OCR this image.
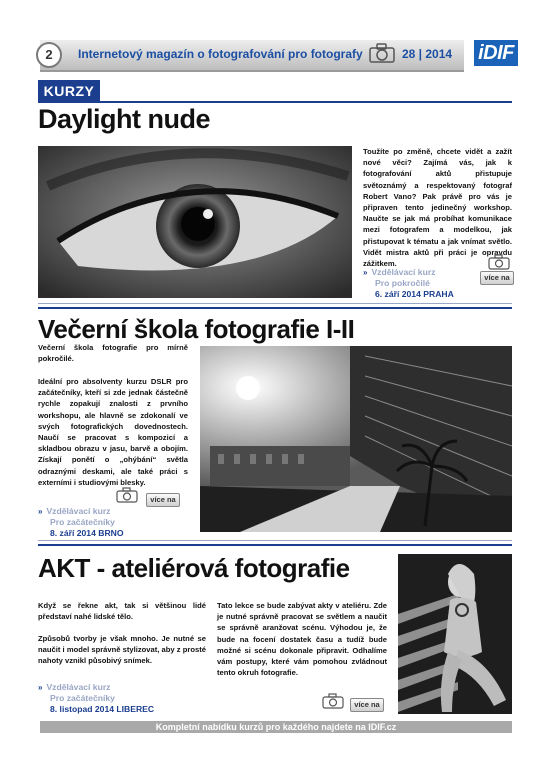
2	Internetový magazín o fotografování pro fotografy	28 | 2014 iDIF
KURZY
Daylight nude
Toužíte po změně, chcete vidět a zažít nové věci? Zajímá vás, jak k fotografování aktů přistupuje světoznámý a respektovaný fotograf Robert Vano? Pak právě pro vás je připraven tento jedinečný workshop. Naučte se jak má probíhat komunikace mezi fotografem a modelkou, jak přistupovat k tématu a jak vnímat světlo. Vidět mistra aktů při práci je opravdu zážitkem.
» Vzdělávací kurz
Pro pokročilé
6. září 2014 PRAHA
více na
Večerní škola fotografie I-II
Večerní škola fotografie pro mírně pokročilé.
Ideální pro absolventy kurzu DSLR pro začátečníky, kteří si zde jednak částečně rychle zopakují znalosti z prvního workshopu, ale hlavně se zdokonalí ve svých fotografických dovednostech. Naučí se pracovat s kompozicí a skladbou obrazu v jasu, barvě a obojím. Získají ponětí o „ohýbání“ světla odraznými deskami, ale také práci s externími i studiovými blesky.
více na
» Vzdělávací kurz
Pro začátečníky
8. září 2014 BRNO
AKT - ateliérová fotografie
Když se řekne akt, tak si většinou lidé představí nahé lidské tělo.
Způsobů tvorby je však mnoho. Je nutné se naučit i model správně stylizovat, aby z prosté nahoty vznikl působivý snímek.
Tato lekce se bude zabývat akty v ateliéru. Zde je nutné správně pracovat se světlem a naučit se správně aranžovat scénu. Výhodou je, že bude na focení dostatek času a tudíž bude možné si scénu dokonale připravit. Odhalíme vám postupy, které vám pomohou zvládnout tento okruh fotografie.
» Vzdělávací kurz
Pro začátečníky
8. listopad 2014 LIBEREC	více na
Kompletní nabídku kurzů pro každého najdete na IDIF.cz
